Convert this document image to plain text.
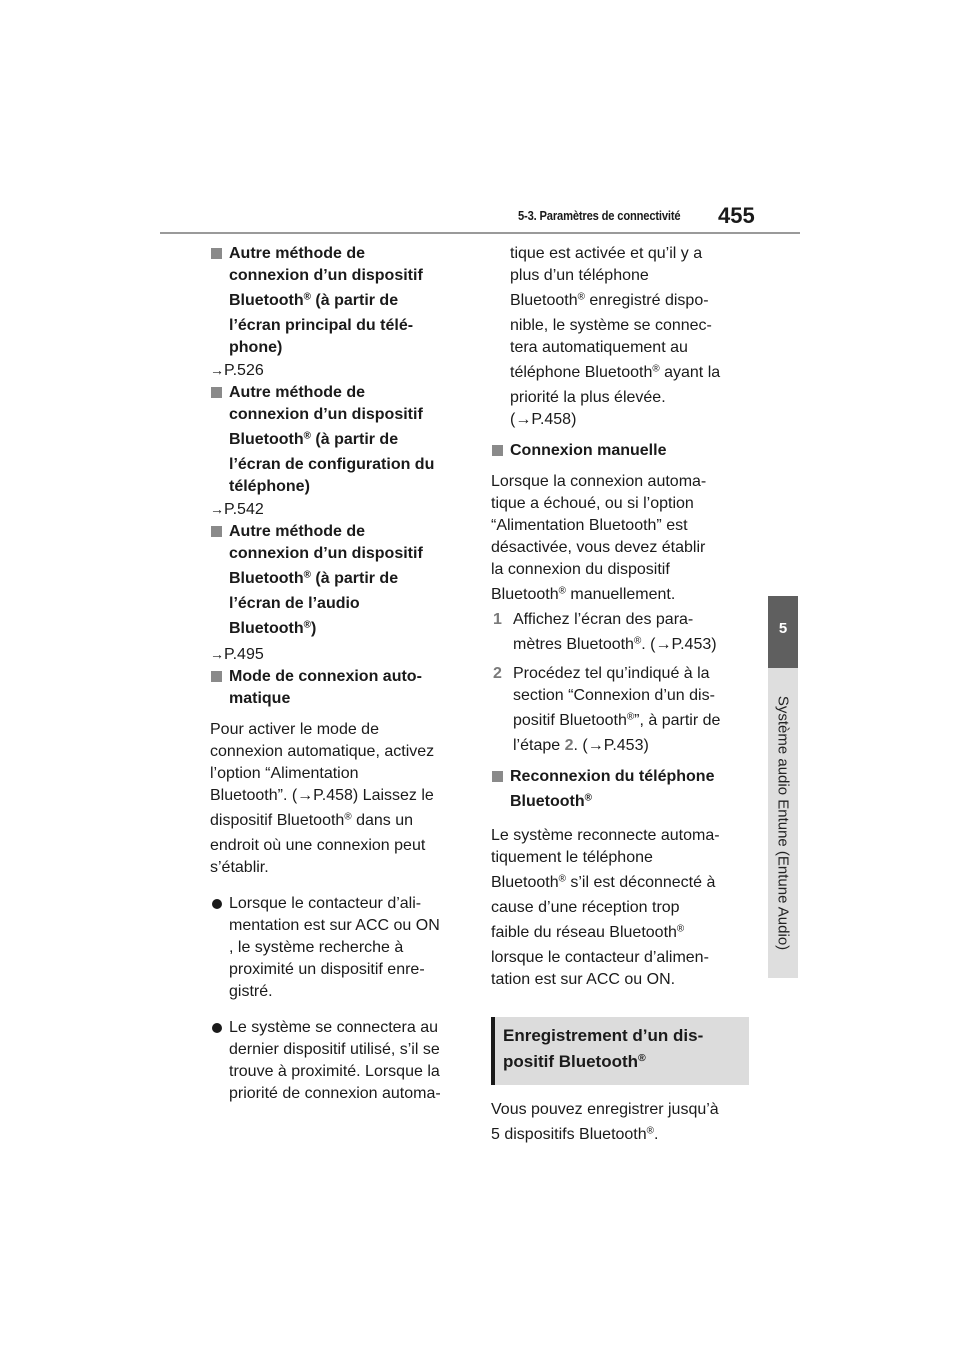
5-3. Paramètres de connectivité 455
5
Système audio Entune (Entune Audio)
Autre méthode de
connexion d’un dispositif
Bluetooth® (à partir de
l’écran principal du télé-
phone)

→P.526

Autre méthode de
connexion d’un dispositif
Bluetooth® (à partir de
l’écran de configuration du
téléphone)

→P.542

Autre méthode de
connexion d’un dispositif
Bluetooth® (à partir de
l’écran de l’audio
Bluetooth®)

→P.495

Mode de connexion auto-
matique
Pour activer le mode de
connexion automatique, activez
l’option “Alimentation
Bluetooth”. (→P.458) Laissez le
dispositif Bluetooth® dans un
endroit où une connexion peut
s’établir.
Lorsque le contacteur d’ali-
mentation est sur ACC ou ON
, le système recherche à
proximité un dispositif enre-
gistré.
Le système se connectera au
dernier dispositif utilisé, s’il se
trouve à proximité. Lorsque la
priorité de connexion automa-
tique est activée et qu’il y a
plus d’un téléphone
Bluetooth® enregistré dispo-
nible, le système se connec-
tera automatiquement au
téléphone Bluetooth® ayant la
priorité la plus élevée.
(→P.458)
Connexion manuelle
Lorsque la connexion automa-
tique a échoué, ou si l’option
“Alimentation Bluetooth” est
désactivée, vous devez établir
la connexion du dispositif
Bluetooth® manuellement.
1 Affichez l’écran des para-
mètres Bluetooth®. (→P.453)
2 Procédez tel qu’indiqué à la
section “Connexion d’un dis-
positif Bluetooth®”, à partir de
l’étape 2. (→P.453)
Reconnexion du téléphone
Bluetooth®
Le système reconnecte automa-
tiquement le téléphone
Bluetooth® s’il est déconnecté à
cause d’une réception trop
faible du réseau Bluetooth®
lorsque le contacteur d’alimen-
tation est sur ACC ou ON.
Enregistrement d’un dis-
positif Bluetooth®
Vous pouvez enregistrer jusqu’à
5 dispositifs Bluetooth®.
